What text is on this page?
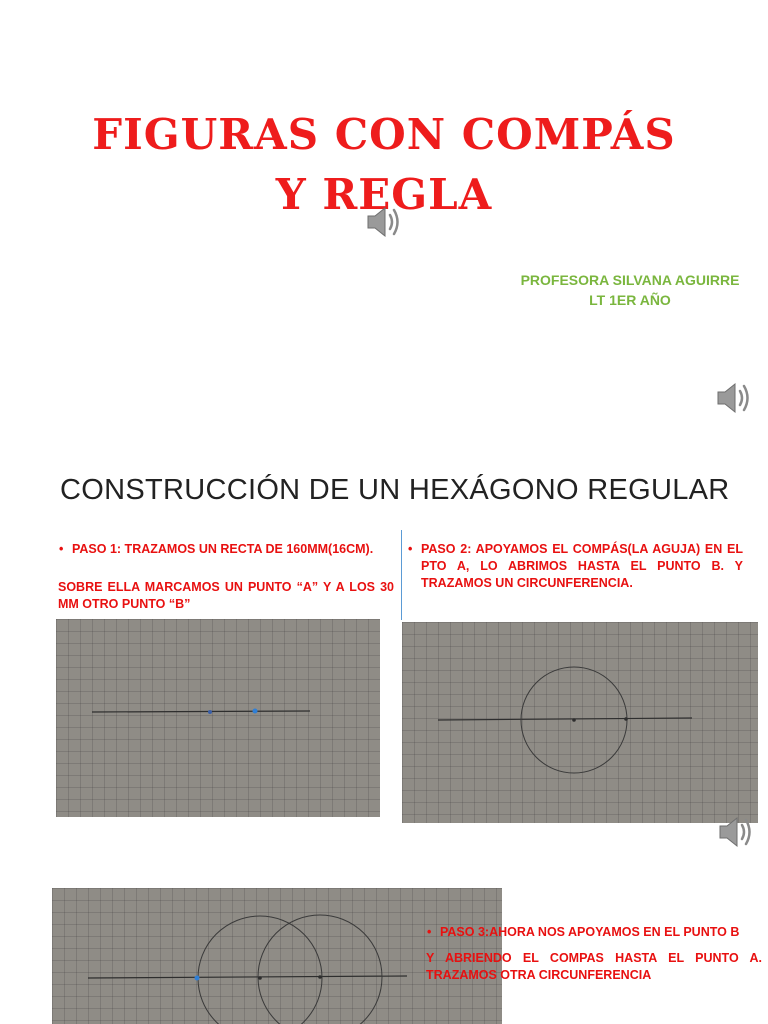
FIGURAS CON COMPÁS
Y REGLA
PROFESORA SILVANA AGUIRRE
LT 1ER AÑO
CONSTRUCCIÓN DE UN HEXÁGONO REGULAR
• PASO 1: TRAZAMOS UN RECTA DE 160MM(16CM).
SOBRE ELLA MARCAMOS UN PUNTO “A” Y A LOS 30 MM OTRO PUNTO “B”
• PASO 2: APOYAMOS EL COMPÁS(LA AGUJA) EN EL PTO A, LO ABRIMOS HASTA EL PUNTO B. Y TRAZAMOS UN CIRCUNFERENCIA.
• PASO 3:AHORA NOS APOYAMOS EN EL PUNTO B
Y ABRIENDO EL COMPAS HASTA EL PUNTO A. TRAZAMOS OTRA CIRCUNFERENCIA
